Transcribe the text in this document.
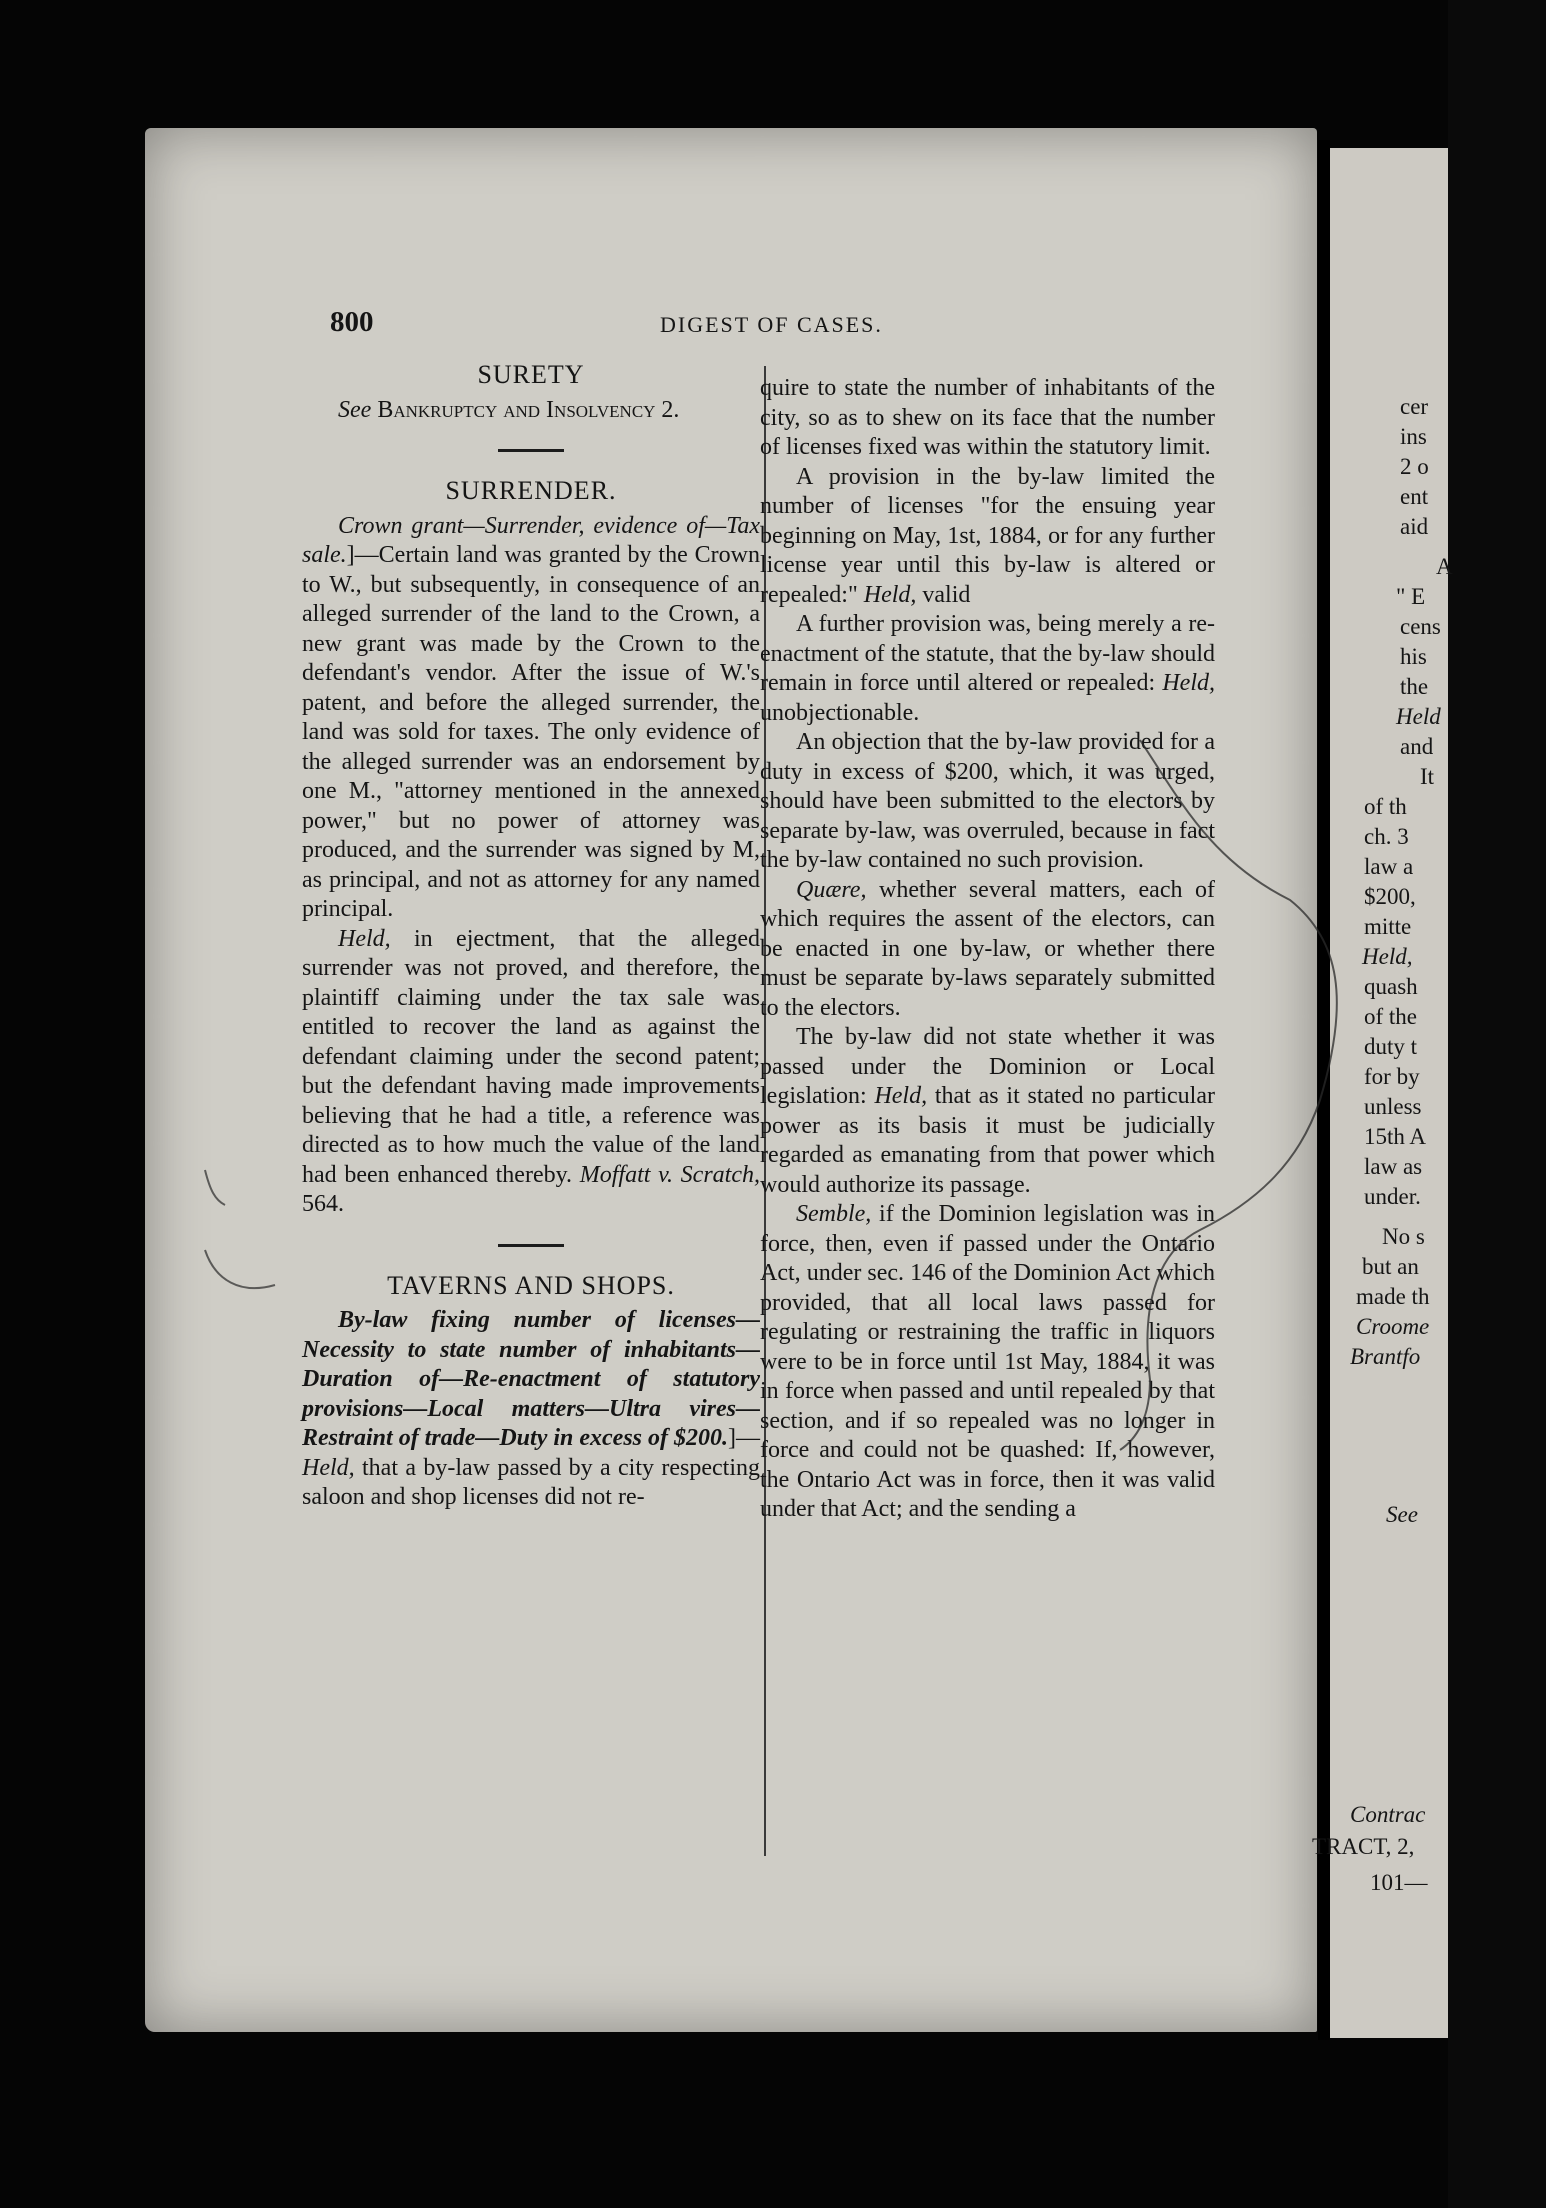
800	DIGEST OF CASES.
SURETY

See Bankruptcy and Insolvency 2.

SURRENDER.

Crown grant—Surrender, evidence of—Tax sale.]—Certain land was granted by the Crown to W., but subsequently, in consequence of an alleged surrender of the land to the Crown, a new grant was made by the Crown to the defendant's vendor. After the issue of W.'s patent, and before the alleged surrender, the land was sold for taxes. The only evidence of the alleged surrender was an endorsement by one M., "attorney mentioned in the annexed power," but no power of attorney was produced, and the surrender was signed by M, as principal, and not as attorney for any named principal.

Held, in ejectment, that the alleged surrender was not proved, and therefore, the plaintiff claiming under the tax sale was entitled to recover the land as against the defendant claiming under the second patent; but the defendant having made improvements believing that he had a title, a reference was directed as to how much the value of the land had been enhanced thereby. Moffatt v. Scratch, 564.

TAVERNS AND SHOPS.

By-law fixing number of licenses—Necessity to state number of inhabitants—Duration of—Re-enactment of statutory provisions—Local matters—Ultra vires—Restraint of trade—Duty in excess of $200.]—Held, that a by-law passed by a city respecting saloon and shop licenses did not re-

quire to state the number of inhabitants of the city, so as to shew on its face that the number of licenses fixed was within the statutory limit.

A provision in the by-law limited the number of licenses "for the ensuing year beginning on May, 1st, 1884, or for any further license year until this by-law is altered or repealed:" Held, valid

A further provision was, being merely a re-enactment of the statute, that the by-law should remain in force until altered or repealed: Held, unobjectionable.

An objection that the by-law provided for a duty in excess of $200, which, it was urged, should have been submitted to the electors by separate by-law, was overruled, because in fact the by-law contained no such provision.

Quære, whether several matters, each of which requires the assent of the electors, can be enacted in one by-law, or whether there must be separate by-laws separately submitted to the electors.

The by-law did not state whether it was passed under the Dominion or Local legislation: Held, that as it stated no particular power as its basis it must be judicially regarded as emanating from that power which would authorize its passage.

Semble, if the Dominion legislation was in force, then, even if passed under the Ontario Act, under sec. 146 of the Dominion Act which provided, that all local laws passed for regulating or restraining the traffic in liquors were to be in force until 1st May, 1884, it was in force when passed and until repealed by that section, and if so repealed was no longer in force and could not be quashed: If, however, the Ontario Act was in force, then it was valid under that Act; and the sending a

cer
ins
2 o
ent
aid
A
" E
cens
his
the
Held
and
It
of th
ch. 3
law a
$200,
mitte
Held,
quash
of the
duty t
for by
unless
15th A
law as
under.
No s
but an
made th
Croome
Brantfo
See
Contrac
TRACT, 2,
101—
